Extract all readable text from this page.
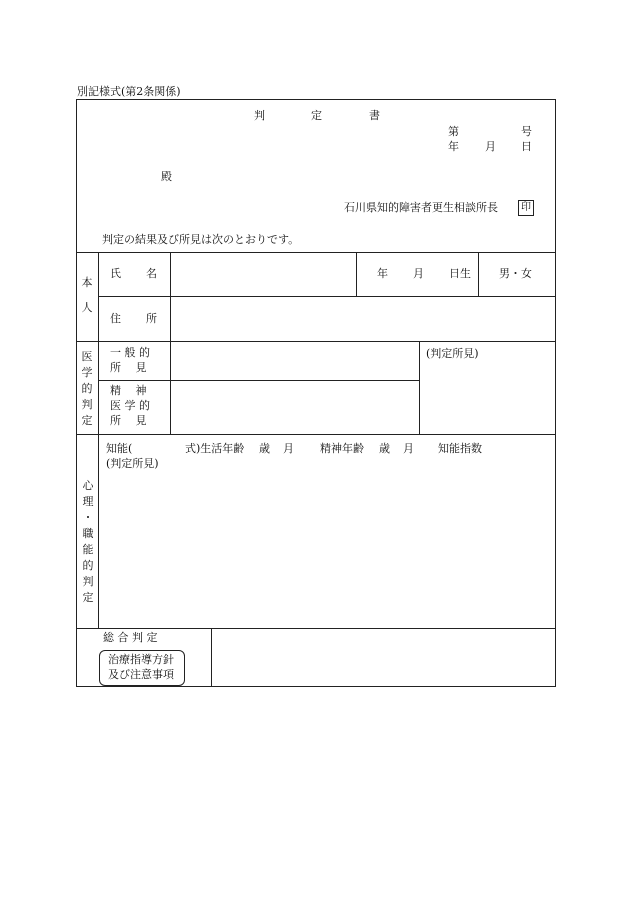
別記様式(第2条関係)
判	定	書
第	号
年 月 日
殿
石川県知的障害者更生相談所長	印
判定の結果及び所見は次のとおりです。
本
人
氏 名	年 月 日生	男・女
住 所
医
学
的
判
定
一 般 的
所　 見
精　 神
医 学 的
所　 見
(判定所見)
心
理
・職
能
的
判
定
知能(	式)生活年齢 歳 月 精神年齢 歳 月 知能指数
(判定所見)
総 合 判 定
治療指導方針
及び注意事項
